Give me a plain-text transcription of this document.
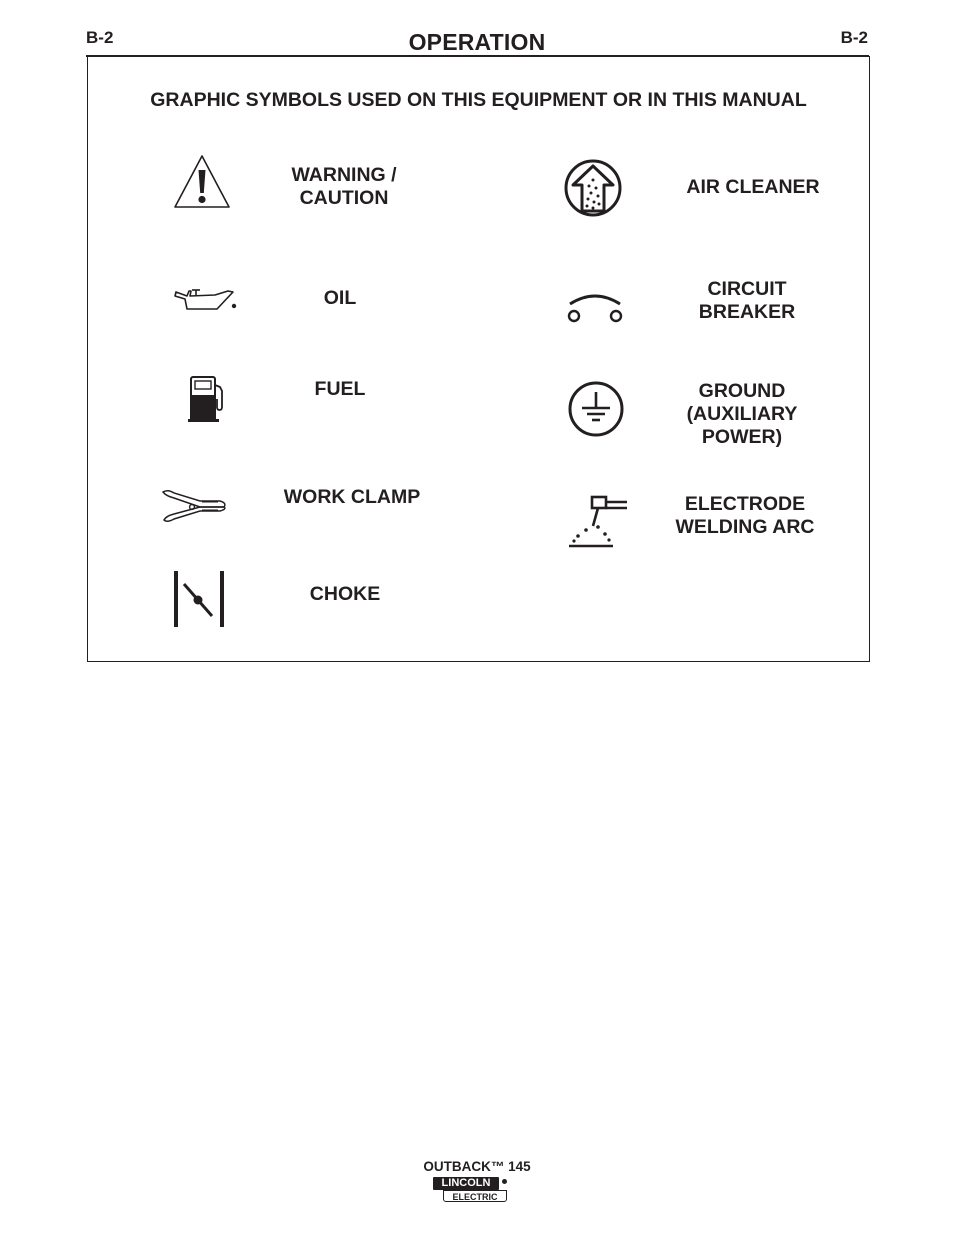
B-2	OPERATION	B-2
GRAPHIC SYMBOLS USED ON THIS EQUIPMENT OR IN THIS MANUAL
WARNING /
CAUTION
OIL
FUEL
WORK CLAMP
CHOKE
AIR CLEANER
CIRCUIT
BREAKER
GROUND
(AUXILIARY
POWER)
ELECTRODE
WELDING ARC
OUTBACK™ 145
LINCOLN
ELECTRIC
